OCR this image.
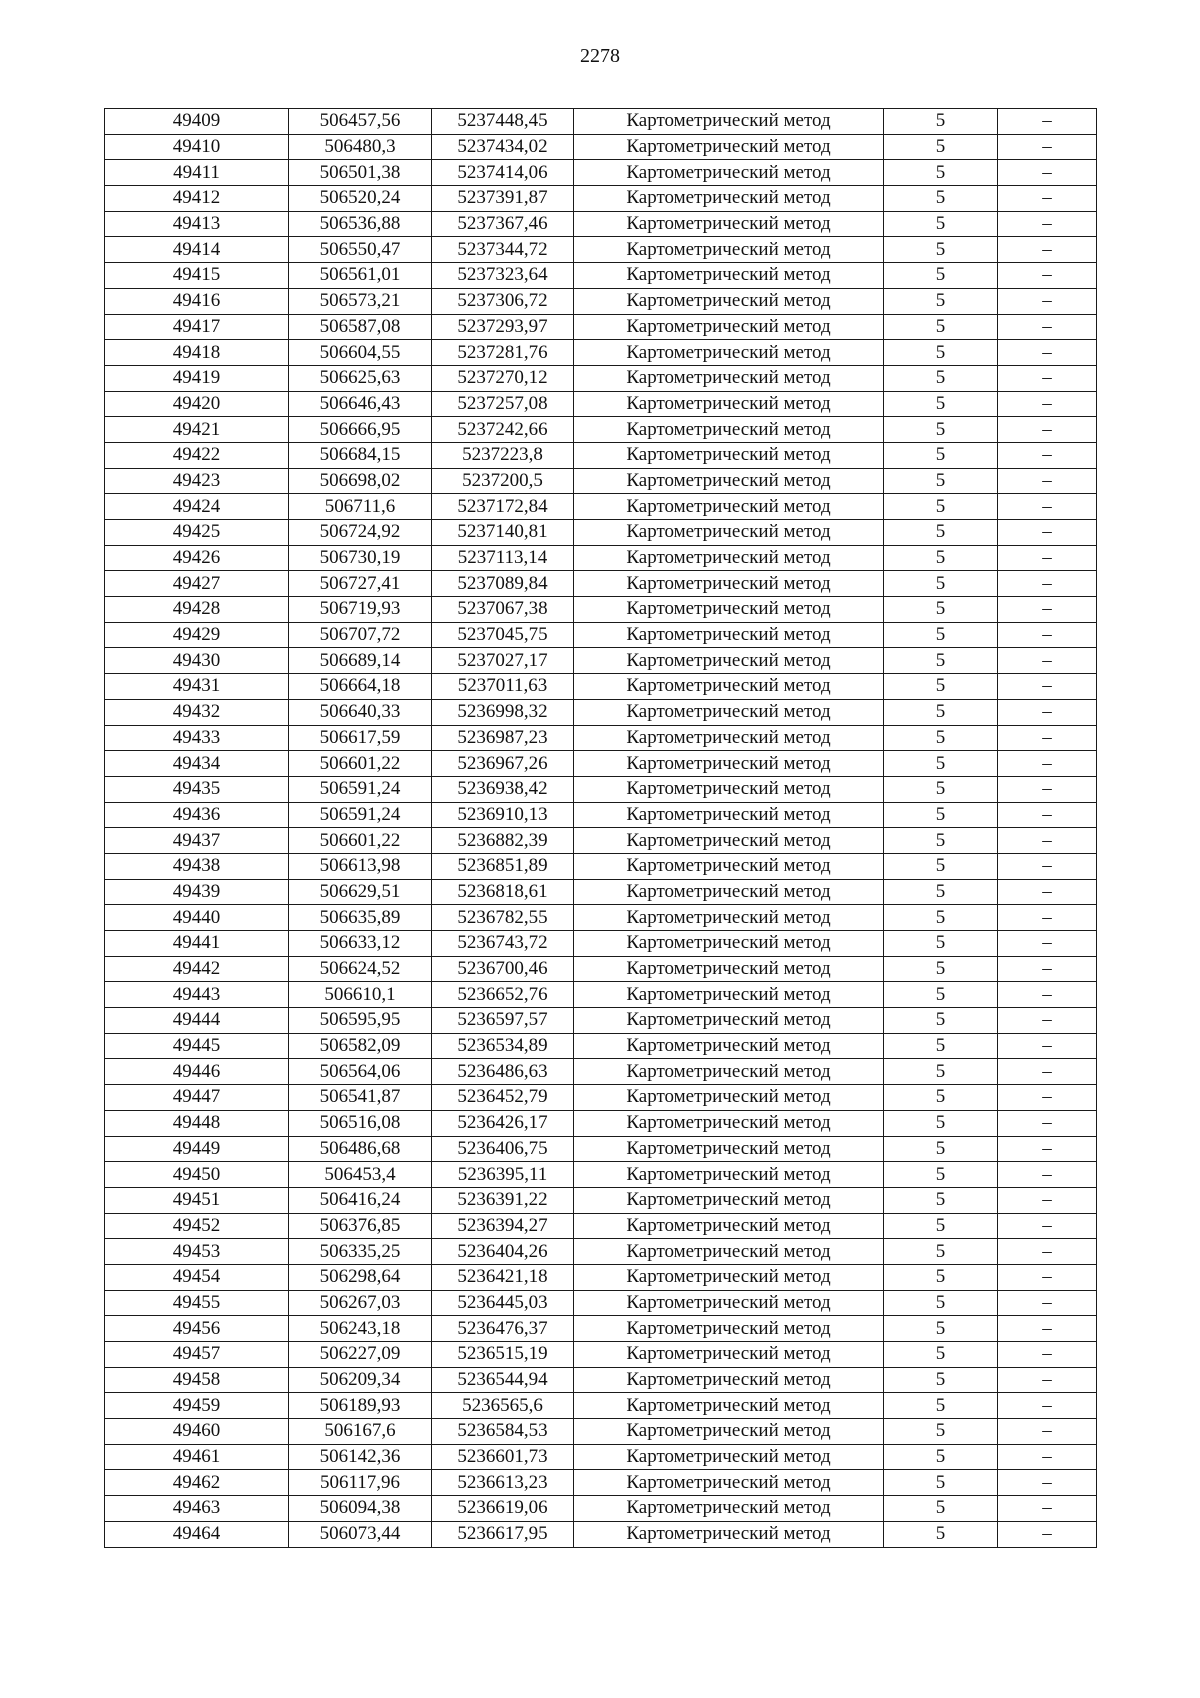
2278
49409	506457,56	5237448,45	Картометрический метод	5	–
49410	506480,3	5237434,02	Картометрический метод	5	–
49411	506501,38	5237414,06	Картометрический метод	5	–
49412	506520,24	5237391,87	Картометрический метод	5	–
49413	506536,88	5237367,46	Картометрический метод	5	–
49414	506550,47	5237344,72	Картометрический метод	5	–
49415	506561,01	5237323,64	Картометрический метод	5	–
49416	506573,21	5237306,72	Картометрический метод	5	–
49417	506587,08	5237293,97	Картометрический метод	5	–
49418	506604,55	5237281,76	Картометрический метод	5	–
49419	506625,63	5237270,12	Картометрический метод	5	–
49420	506646,43	5237257,08	Картометрический метод	5	–
49421	506666,95	5237242,66	Картометрический метод	5	–
49422	506684,15	5237223,8	Картометрический метод	5	–
49423	506698,02	5237200,5	Картометрический метод	5	–
49424	506711,6	5237172,84	Картометрический метод	5	–
49425	506724,92	5237140,81	Картометрический метод	5	–
49426	506730,19	5237113,14	Картометрический метод	5	–
49427	506727,41	5237089,84	Картометрический метод	5	–
49428	506719,93	5237067,38	Картометрический метод	5	–
49429	506707,72	5237045,75	Картометрический метод	5	–
49430	506689,14	5237027,17	Картометрический метод	5	–
49431	506664,18	5237011,63	Картометрический метод	5	–
49432	506640,33	5236998,32	Картометрический метод	5	–
49433	506617,59	5236987,23	Картометрический метод	5	–
49434	506601,22	5236967,26	Картометрический метод	5	–
49435	506591,24	5236938,42	Картометрический метод	5	–
49436	506591,24	5236910,13	Картометрический метод	5	–
49437	506601,22	5236882,39	Картометрический метод	5	–
49438	506613,98	5236851,89	Картометрический метод	5	–
49439	506629,51	5236818,61	Картометрический метод	5	–
49440	506635,89	5236782,55	Картометрический метод	5	–
49441	506633,12	5236743,72	Картометрический метод	5	–
49442	506624,52	5236700,46	Картометрический метод	5	–
49443	506610,1	5236652,76	Картометрический метод	5	–
49444	506595,95	5236597,57	Картометрический метод	5	–
49445	506582,09	5236534,89	Картометрический метод	5	–
49446	506564,06	5236486,63	Картометрический метод	5	–
49447	506541,87	5236452,79	Картометрический метод	5	–
49448	506516,08	5236426,17	Картометрический метод	5	–
49449	506486,68	5236406,75	Картометрический метод	5	–
49450	506453,4	5236395,11	Картометрический метод	5	–
49451	506416,24	5236391,22	Картометрический метод	5	–
49452	506376,85	5236394,27	Картометрический метод	5	–
49453	506335,25	5236404,26	Картометрический метод	5	–
49454	506298,64	5236421,18	Картометрический метод	5	–
49455	506267,03	5236445,03	Картометрический метод	5	–
49456	506243,18	5236476,37	Картометрический метод	5	–
49457	506227,09	5236515,19	Картометрический метод	5	–
49458	506209,34	5236544,94	Картометрический метод	5	–
49459	506189,93	5236565,6	Картометрический метод	5	–
49460	506167,6	5236584,53	Картометрический метод	5	–
49461	506142,36	5236601,73	Картометрический метод	5	–
49462	506117,96	5236613,23	Картометрический метод	5	–
49463	506094,38	5236619,06	Картометрический метод	5	–
49464	506073,44	5236617,95	Картометрический метод	5	–
